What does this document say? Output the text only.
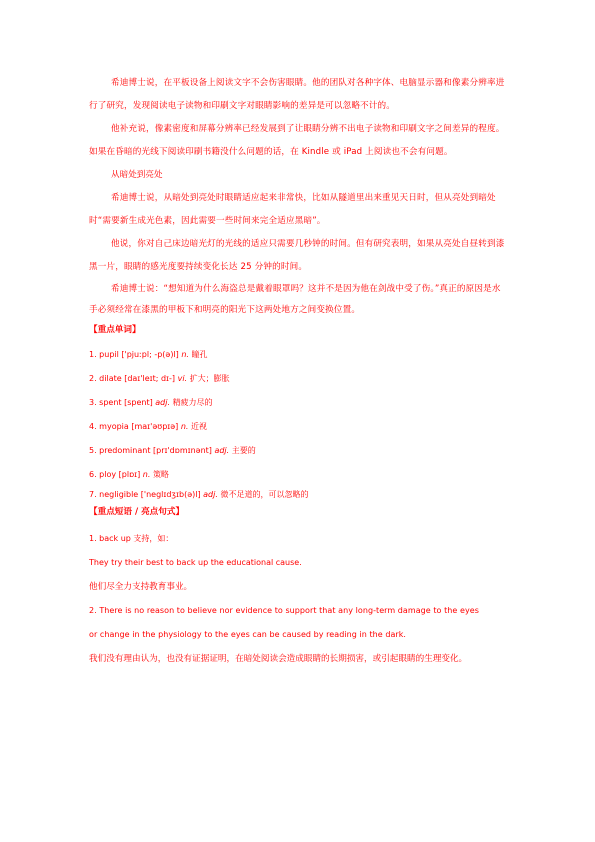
希迪博士说，在平板设备上阅读文字不会伤害眼睛。他的团队对各种字体、电脑显示器和像素分辨率进行了研究，发现阅读电子读物和印刷文字对眼睛影响的差异是可以忽略不计的。

他补充说，像素密度和屏幕分辨率已经发展到了让眼睛分辨不出电子读物和印刷文字之间差异的程度。如果在昏暗的光线下阅读印刷书籍没什么问题的话，在 Kindle 或 iPad 上阅读也不会有问题。

从暗处到亮处

希迪博士说，从暗处到亮处时眼睛适应起来非常快，比如从隧道里出来重见天日时，但从亮处到暗处时“需要新生成光色素，因此需要一些时间来完全适应黑暗”。

他说，你对自己床边暗光灯的光线的适应只需要几秒钟的时间。但有研究表明，如果从亮处自昼转到漆黑一片，眼睛的感光度要持续变化长达 25 分钟的时间。

希迪博士说：“想知道为什么海盗总是戴着眼罩吗？这并不是因为他在剑战中受了伤。”真正的原因是水手必须经常在漆黑的甲板下和明亮的阳光下这两处地方之间变换位置。

【重点单词】

1. pupil ['pjuːpl; -p(ə)l] n. 瞳孔
2. dilate [daɪ'leɪt; dɪ-] vi. 扩大；膨胀
3. spent [spent] adj. 精疲力尽的
4. myopia [maɪ'əʊpɪə] n. 近视
5. predominant [prɪ'dɒmɪnənt] adj. 主要的
6. ploy [plɒɪ] n. 策略
7. negligible ['neglɪdʒɪb(ə)l] adj. 微不足道的，可以忽略的

【重点短语 / 亮点句式】

1. back up 支持，如：

They try their best to back up the educational cause.

他们尽全力支持教育事业。

2. There is no reason to believe nor evidence to support that any long-term damage to the eyes

or change in the physiology to the eyes can be caused by reading in the dark.

我们没有理由认为，也没有证据证明，在暗处阅读会造成眼睛的长期损害，或引起眼睛的生理变化。
